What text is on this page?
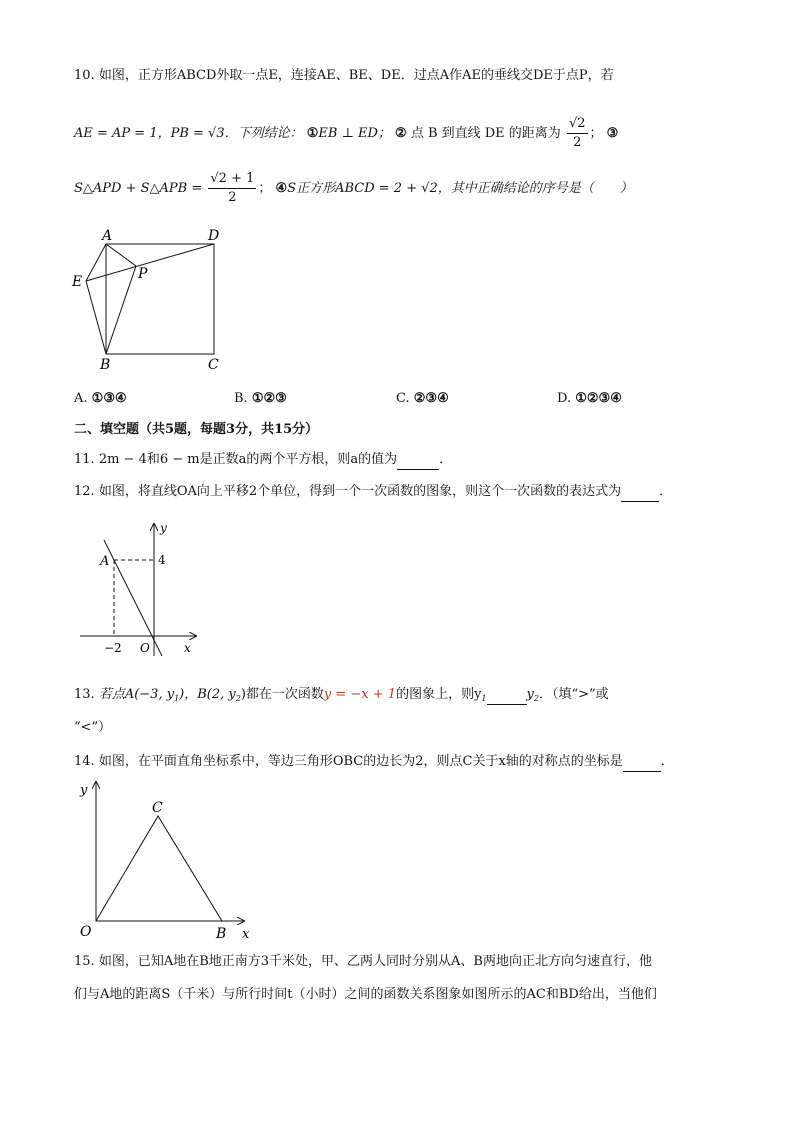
10. 如图，正方形ABCD外取一点E，连接AE、BE、DE．过点A作AE的垂线交DE于点P，若
AE = AP = 1，PB = √3．下列结论： ①EB ⊥ ED； ② 点 B 到直线 DE 的距离为 $\frac{√2}{2}$ ； ③
S△APD + S△APB = $\frac{√2 + 1}{2}$ ； ④S正方形ABCD = 2 + √2，其中正确结论的序号是（　　）
A	D
E	P
B	C
A. ①③④	B. ①②③	C. ②③④	D. ①②③④
二、填空题（共5题，每题3分，共15分）
11. 2m − 4和6 − m是正数a的两个平方根，则a的值为	．
12. 如图，将直线OA向上平移2个单位，得到一个一次函数的图象，则这个一次函数的表达式为	．
y
x
A	4
−2 O
13. 若点A(−3, $y_1$)，B(2, $y_2$)都在一次函数y = −x + 1的图象上，则$y_1$	$y_2$．（填“>”或
“<”）
14. 如图，在平面直角坐标系中，等边三角形OBC的边长为2，则点C关于x轴的对称点的坐标是	．
y
x
C
O	B
15. 如图，已知A地在B地正南方3千米处，甲、乙两人同时分别从A、B两地向正北方向匀速直行，他
们与A地的距离S（千米）与所行时间t（小时）之间的函数关系图象如图所示的AC和BD给出，当他们
